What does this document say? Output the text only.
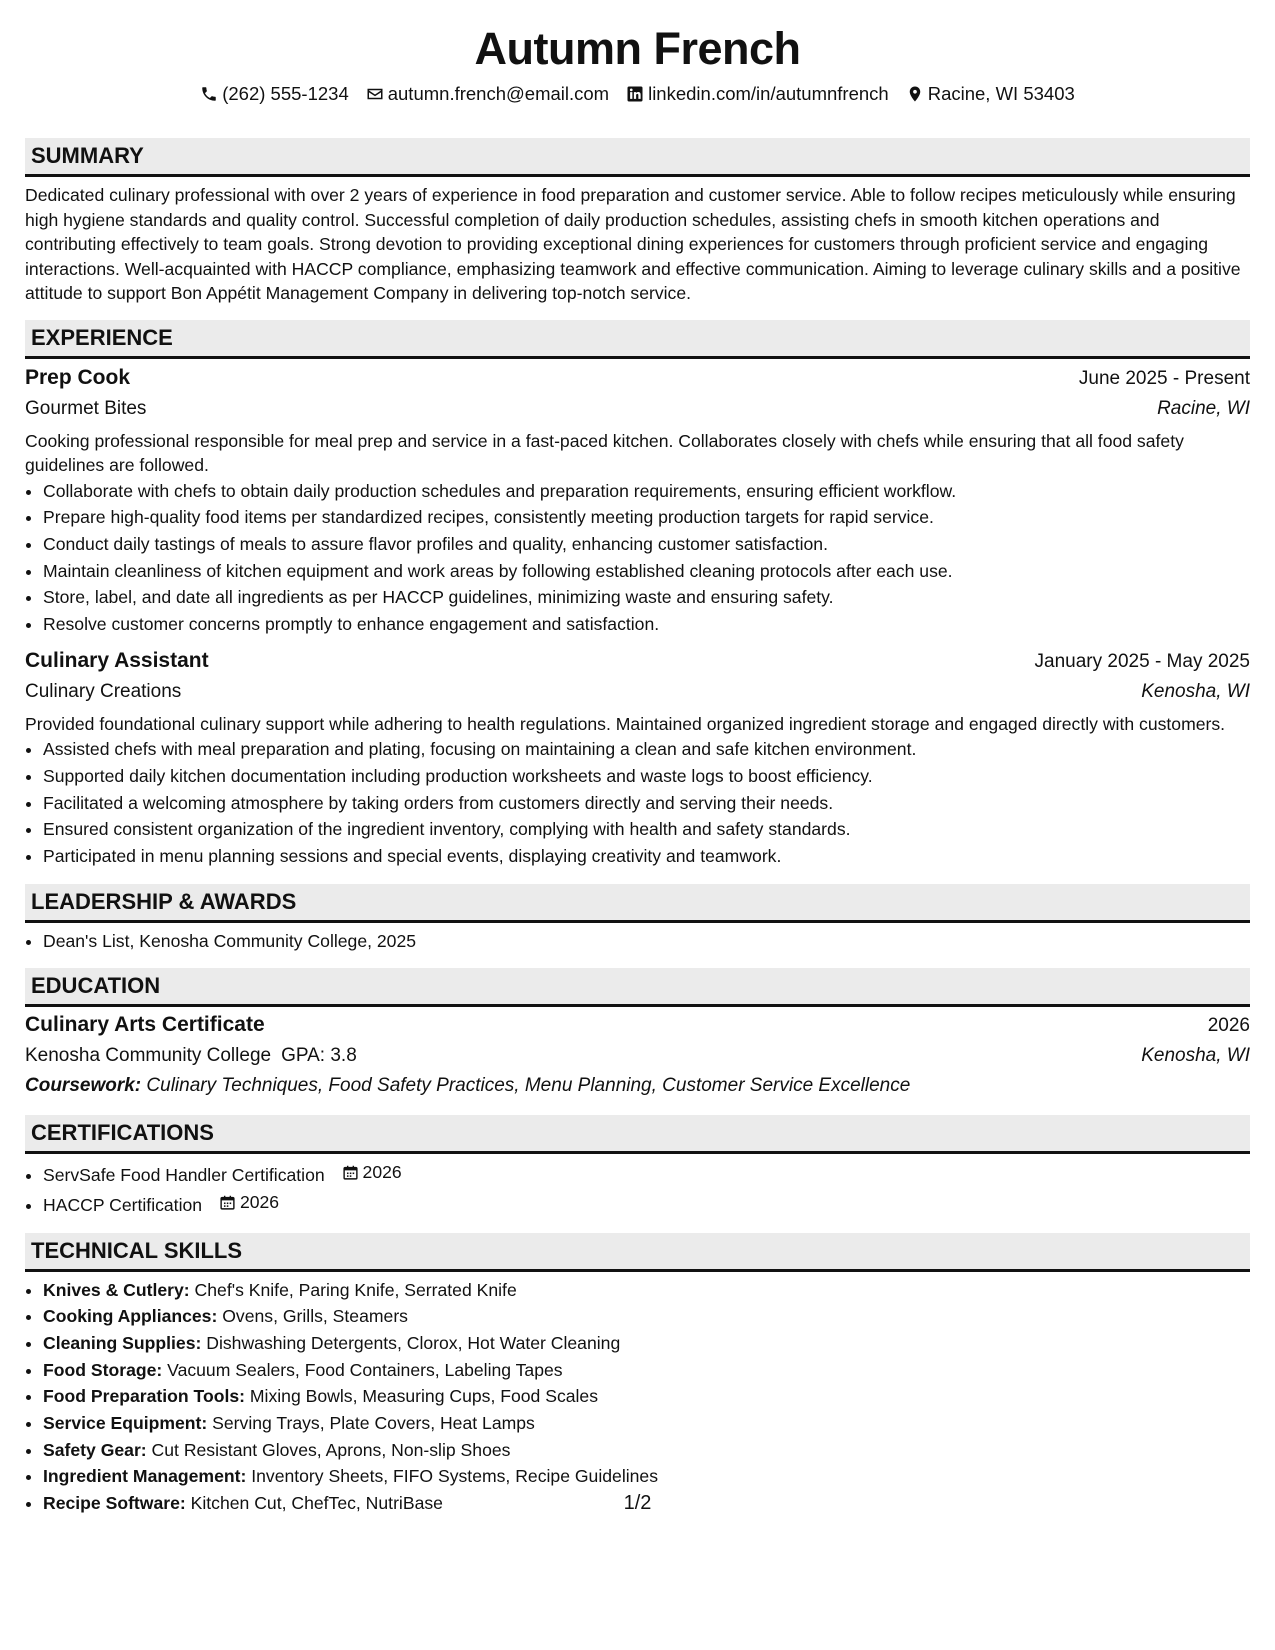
Autumn French
(262) 555-1234 autumn.french@email.com linkedin.com/in/autumnfrench Racine, WI 53403
SUMMARY

Dedicated culinary professional with over 2 years of experience in food preparation and customer service. Able to follow recipes meticulously while ensuring high hygiene standards and quality control. Successful completion of daily production schedules, assisting chefs in smooth kitchen operations and contributing effectively to team goals. Strong devotion to providing exceptional dining experiences for customers through proficient service and engaging interactions. Well-acquainted with HACCP compliance, emphasizing teamwork and effective communication. Aiming to leverage culinary skills and a positive attitude to support Bon Appétit Management Company in delivering top-notch service.

EXPERIENCE
Prep Cook	June 2025 - Present
Gourmet Bites	Racine, WI

Cooking professional responsible for meal prep and service in a fast-paced kitchen. Collaborates closely with chefs while ensuring that all food safety guidelines are followed.

• Collaborate with chefs to obtain daily production schedules and preparation requirements, ensuring efficient workflow.
• Prepare high-quality food items per standardized recipes, consistently meeting production targets for rapid service.
• Conduct daily tastings of meals to assure flavor profiles and quality, enhancing customer satisfaction.
• Maintain cleanliness of kitchen equipment and work areas by following established cleaning protocols after each use.
• Store, label, and date all ingredients as per HACCP guidelines, minimizing waste and ensuring safety.
• Resolve customer concerns promptly to enhance engagement and satisfaction.
Culinary Assistant	January 2025 - May 2025
Culinary Creations	Kenosha, WI

Provided foundational culinary support while adhering to health regulations. Maintained organized ingredient storage and engaged directly with customers.

• Assisted chefs with meal preparation and plating, focusing on maintaining a clean and safe kitchen environment.
• Supported daily kitchen documentation including production worksheets and waste logs to boost efficiency.
• Facilitated a welcoming atmosphere by taking orders from customers directly and serving their needs.
• Ensured consistent organization of the ingredient inventory, complying with health and safety standards.
• Participated in menu planning sessions and special events, displaying creativity and teamwork.
LEADERSHIP & AWARDS
• Dean's List, Kenosha Community College, 2025
EDUCATION
Culinary Arts Certificate	2026
Kenosha Community College GPA: 3.8	Kenosha, WI
Coursework: Culinary Techniques, Food Safety Practices, Menu Planning, Customer Service Excellence
CERTIFICATIONS
• ServSafe Food Handler Certification 2026
• HACCP Certification 2026
TECHNICAL SKILLS
• Knives & Cutlery: Chef's Knife, Paring Knife, Serrated Knife
• Cooking Appliances: Ovens, Grills, Steamers
• Cleaning Supplies: Dishwashing Detergents, Clorox, Hot Water Cleaning
• Food Storage: Vacuum Sealers, Food Containers, Labeling Tapes
• Food Preparation Tools: Mixing Bowls, Measuring Cups, Food Scales
• Service Equipment: Serving Trays, Plate Covers, Heat Lamps
• Safety Gear: Cut Resistant Gloves, Aprons, Non-slip Shoes
• Ingredient Management: Inventory Sheets, FIFO Systems, Recipe Guidelines
• Recipe Software: Kitchen Cut, ChefTec, NutriBase	1/2
